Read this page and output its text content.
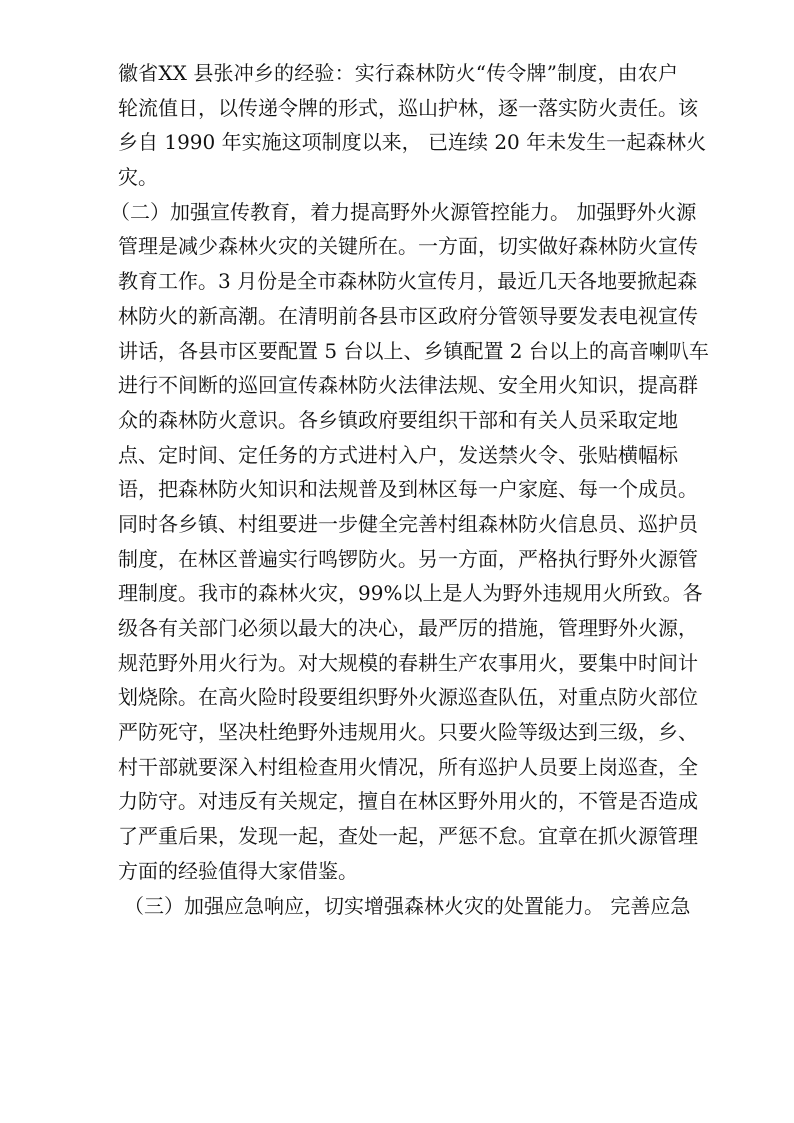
徽省XX 县张冲乡的经验：实行森林防火“传令牌”制度，由农户
轮流值日，以传递令牌的形式，巡山护林，逐一落实防火责任。该
乡自 1990 年实施这项制度以来， 已连续 20 年未发生一起森林火
灾。
（二）加强宣传教育，着力提高野外火源管控能力。 加强野外火源
管理是减少森林火灾的关键所在。一方面，切实做好森林防火宣传
教育工作。3 月份是全市森林防火宣传月，最近几天各地要掀起森
林防火的新高潮。在清明前各县市区政府分管领导要发表电视宣传
讲话，各县市区要配置 5 台以上、乡镇配置 2 台以上的高音喇叭车
进行不间断的巡回宣传森林防火法律法规、安全用火知识，提高群
众的森林防火意识。各乡镇政府要组织干部和有关人员采取定地
点、定时间、定任务的方式进村入户，发送禁火令、张贴横幅标
语，把森林防火知识和法规普及到林区每一户家庭、每一个成员。
同时各乡镇、村组要进一步健全完善村组森林防火信息员、巡护员
制度，在林区普遍实行鸣锣防火。另一方面，严格执行野外火源管
理制度。我市的森林火灾，99%以上是人为野外违规用火所致。各
级各有关部门必须以最大的决心，最严厉的措施，管理野外火源，
规范野外用火行为。对大规模的春耕生产农事用火，要集中时间计
划烧除。在高火险时段要组织野外火源巡查队伍，对重点防火部位
严防死守，坚决杜绝野外违规用火。只要火险等级达到三级，乡、
村干部就要深入村组检查用火情况，所有巡护人员要上岗巡查，全
力防守。对违反有关规定，擅自在林区野外用火的，不管是否造成
了严重后果，发现一起，查处一起，严惩不怠。宜章在抓火源管理
方面的经验值得大家借鉴。
（三）加强应急响应，切实增强森林火灾的处置能力。 完善应急
